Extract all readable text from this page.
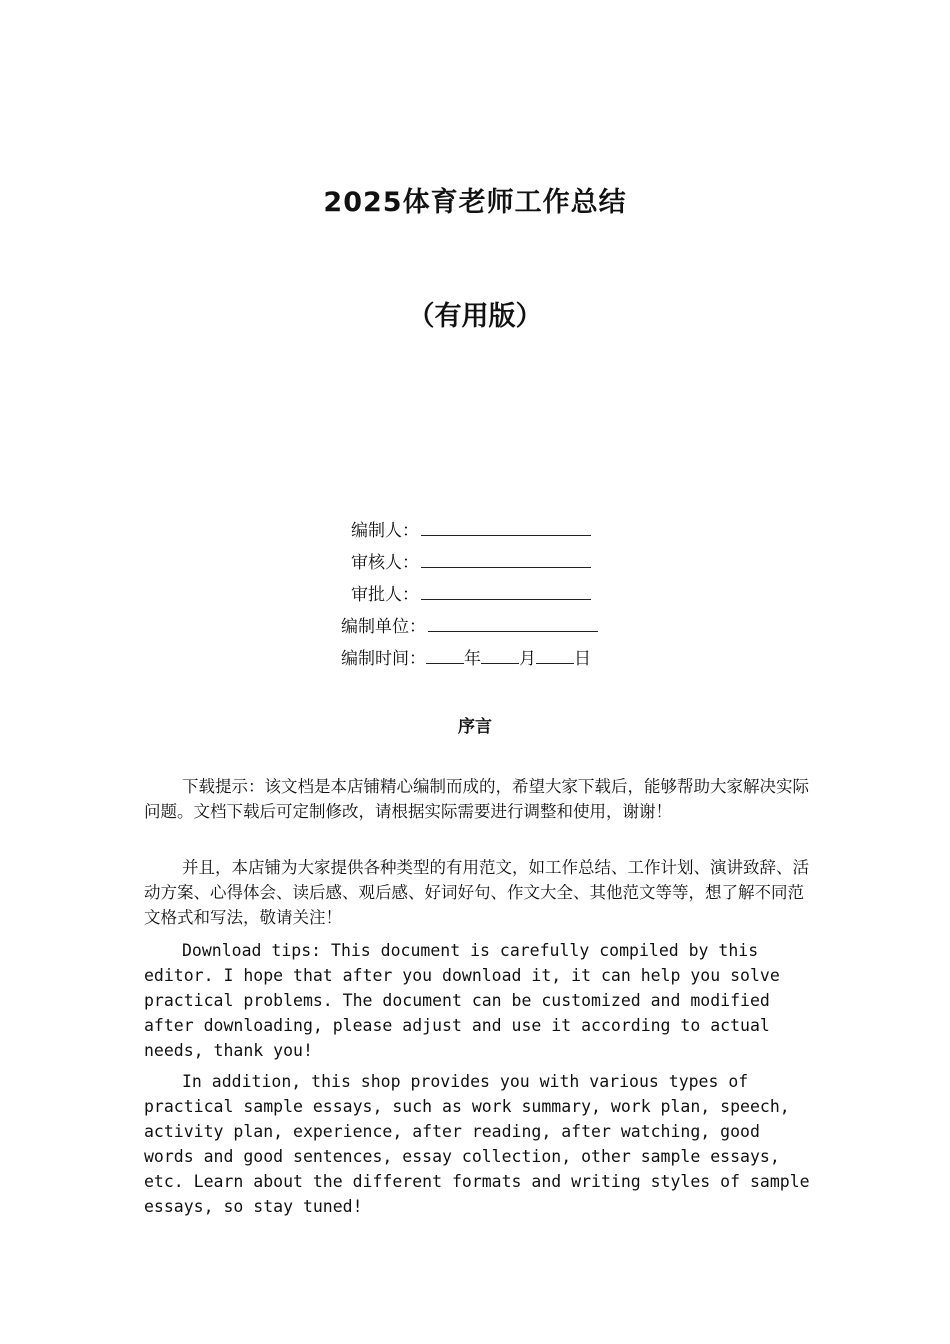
2025体育老师工作总结
（有用版）
编制人：
审核人：
审批人：
编制单位：
编制时间： 年 月 日
序言
下载提示：该文档是本店铺精心编制而成的，希望大家下载后，能够帮助大家解决实际问题。文档下载后可定制修改，请根据实际需要进行调整和使用，谢谢！
并且，本店铺为大家提供各种类型的有用范文，如工作总结、工作计划、演讲致辞、活动方案、心得体会、读后感、观后感、好词好句、作文大全、其他范文等等，想了解不同范文格式和写法，敬请关注！
Download tips: This document is carefully compiled by this editor. I hope that after you download it, it can help you solve practical problems. The document can be customized and modified after downloading, please adjust and use it according to actual needs, thank you!
In addition, this shop provides you with various types of practical sample essays, such as work summary, work plan, speech, activity plan, experience, after reading, after watching, good words and good sentences, essay collection, other sample essays, etc. Learn about the different formats and writing styles of sample essays, so stay tuned!
